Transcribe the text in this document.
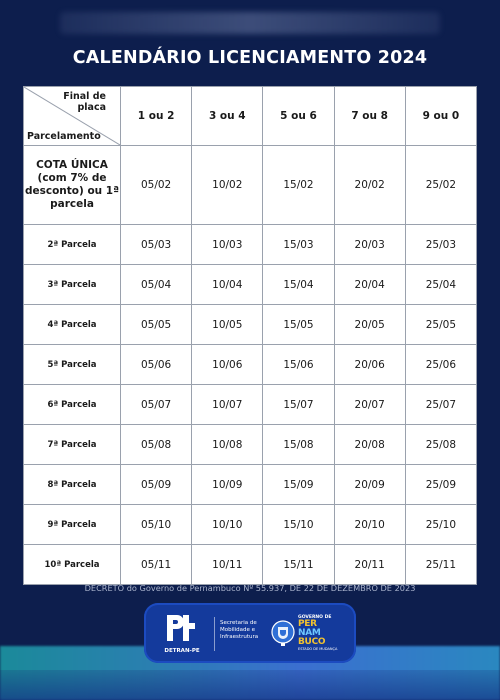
CALENDÁRIO LICENCIAMENTO 2024
Final de placa
Parcelamento	1 ou 2	3 ou 4	5 ou 6	7 ou 8	9 ou 0
COTA ÚNICA (com 7% de desconto) ou 1ª parcela	05/02	10/02	15/02	20/02	25/02
2ª Parcela	05/03	10/03	15/03	20/03	25/03
3ª Parcela	05/04	10/04	15/04	20/04	25/04
4ª Parcela	05/05	10/05	15/05	20/05	25/05
5ª Parcela	05/06	10/06	15/06	20/06	25/06
6ª Parcela	05/07	10/07	15/07	20/07	25/07
7ª Parcela	05/08	10/08	15/08	20/08	25/08
8ª Parcela	05/09	10/09	15/09	20/09	25/09
9ª Parcela	05/10	10/10	15/10	20/10	25/10
10ª Parcela	05/11	10/11	15/11	20/11	25/11
DECRETO do Governo de Pernambuco Nº 55.937, DE 22 DE DEZEMBRO DE 2023
DETRAN-PE
Secretaria de Mobilidade e Infraestrutura
GOVERNO DE
PER
NAM
BUCO
ESTADO DE MUDANÇA
